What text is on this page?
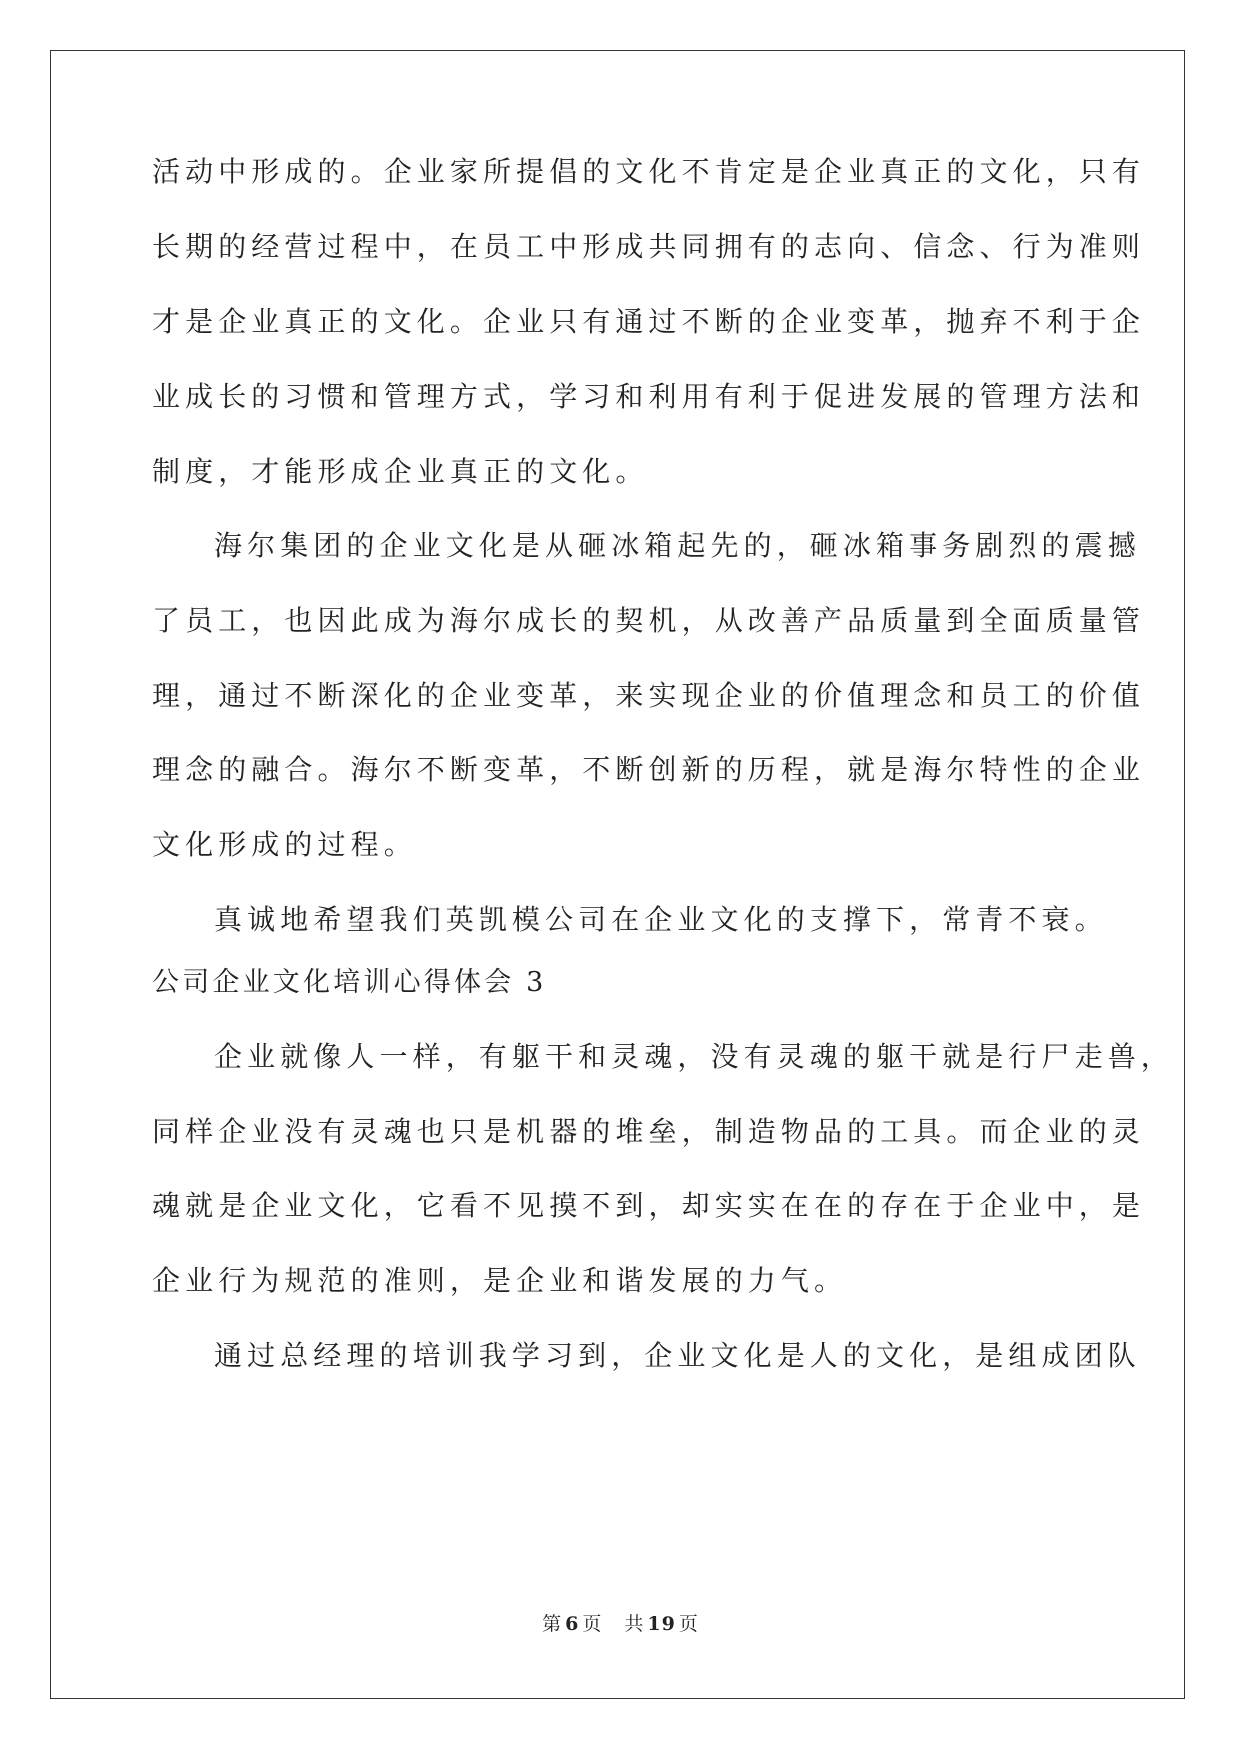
活动中形成的。企业家所提倡的文化不肯定是企业真正的文化，只有
长期的经营过程中，在员工中形成共同拥有的志向、信念、行为准则
才是企业真正的文化。企业只有通过不断的企业变革，抛弃不利于企
业成长的习惯和管理方式，学习和利用有利于促进发展的管理方法和
制度，才能形成企业真正的文化。
海尔集团的企业文化是从砸冰箱起先的，砸冰箱事务剧烈的震撼
了员工，也因此成为海尔成长的契机，从改善产品质量到全面质量管
理，通过不断深化的企业变革，来实现企业的价值理念和员工的价值
理念的融合。海尔不断变革，不断创新的历程，就是海尔特性的企业
文化形成的过程。
真诚地希望我们英凯模公司在企业文化的支撑下，常青不衰。
公司企业文化培训心得体会 3
企业就像人一样，有躯干和灵魂，没有灵魂的躯干就是行尸走兽，
同样企业没有灵魂也只是机器的堆垒，制造物品的工具。而企业的灵
魂就是企业文化，它看不见摸不到，却实实在在的存在于企业中，是
企业行为规范的准则，是企业和谐发展的力气。
通过总经理的培训我学习到，企业文化是人的文化，是组成团队
第 6 页 共 19 页
